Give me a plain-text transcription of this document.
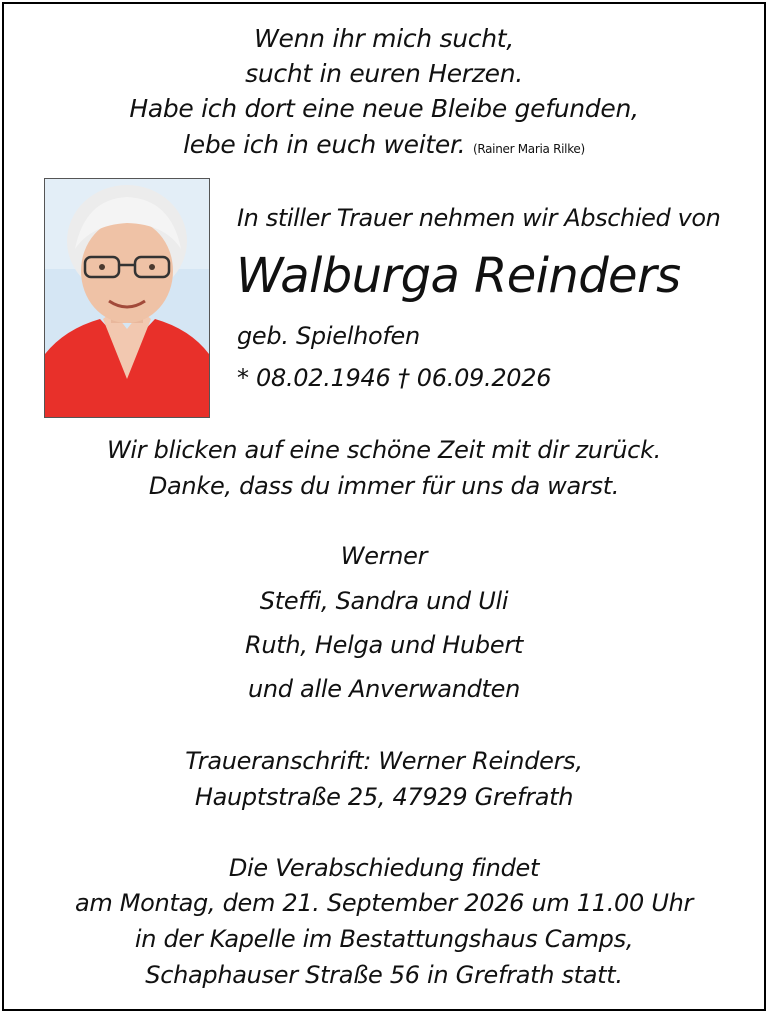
Wenn ihr mich sucht,
sucht in euren Herzen.
Habe ich dort eine neue Bleibe gefunden,
lebe ich in euch weiter. (Rainer Maria Rilke)
In stiller Trauer nehmen wir Abschied von
Walburga Reinders
geb. Spielhofen
* 08.02.1946 † 06.09.2026
Wir blicken auf eine schöne Zeit mit dir zurück.
Danke, dass du immer für uns da warst.
Werner
Steffi, Sandra und Uli
Ruth, Helga und Hubert
und alle Anverwandten
Traueranschrift: Werner Reinders,
Hauptstraße 25, 47929 Grefrath
Die Verabschiedung findet
am Montag, dem 21. September 2026 um 11.00 Uhr
in der Kapelle im Bestattungshaus Camps,
Schaphauser Straße 56 in Grefrath statt.
